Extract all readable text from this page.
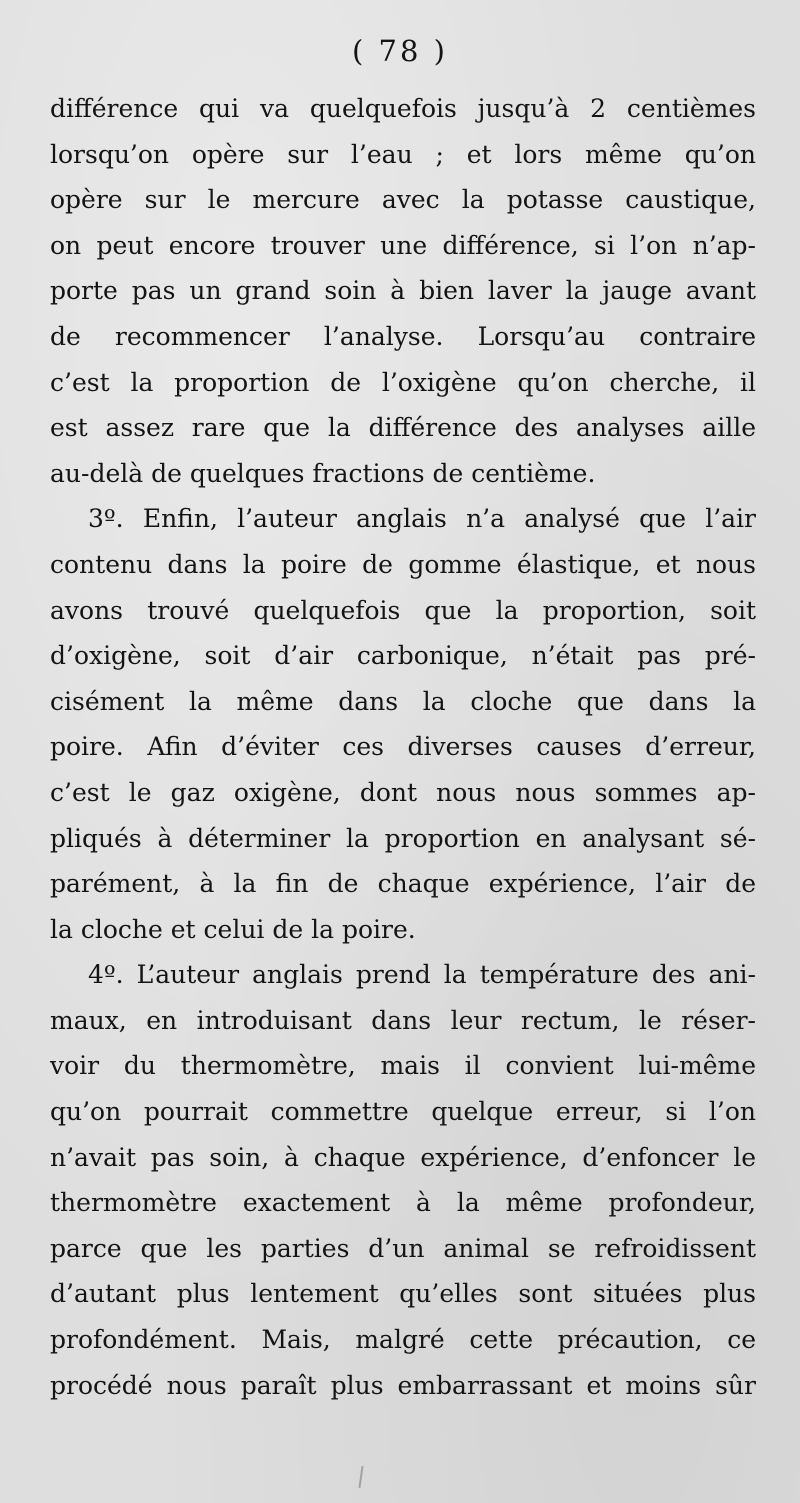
( 78 )
différence qui va quelquefois jusqu’à 2 centièmes
lorsqu’on opère sur l’eau ; et lors même qu’on
opère sur le mercure avec la potasse caustique,
on peut encore trouver une différence, si l’on n’ap-
porte pas un grand soin à bien laver la jauge avant
de recommencer l’analyse. Lorsqu’au contraire
c’est la proportion de l’oxigène qu’on cherche, il
est assez rare que la différence des analyses aille
au-delà de quelques fractions de centième.
3º. Enfin, l’auteur anglais n’a analysé que l’air
contenu dans la poire de gomme élastique, et nous
avons trouvé quelquefois que la proportion, soit
d’oxigène, soit d’air carbonique, n’était pas pré-
cisément la même dans la cloche que dans la
poire. Afin d’éviter ces diverses causes d’erreur,
c’est le gaz oxigène, dont nous nous sommes ap-
pliqués à déterminer la proportion en analysant sé-
parément, à la fin de chaque expérience, l’air de
la cloche et celui de la poire.
4º. L’auteur anglais prend la température des ani-
maux, en introduisant dans leur rectum, le réser-
voir du thermomètre, mais il convient lui-même
qu’on pourrait commettre quelque erreur, si l’on
n’avait pas soin, à chaque expérience, d’enfoncer le
thermomètre exactement à la même profondeur,
parce que les parties d’un animal se refroidissent
d’autant plus lentement qu’elles sont situées plus
profondément. Mais, malgré cette précaution, ce
procédé nous paraît plus embarrassant et moins sûr
